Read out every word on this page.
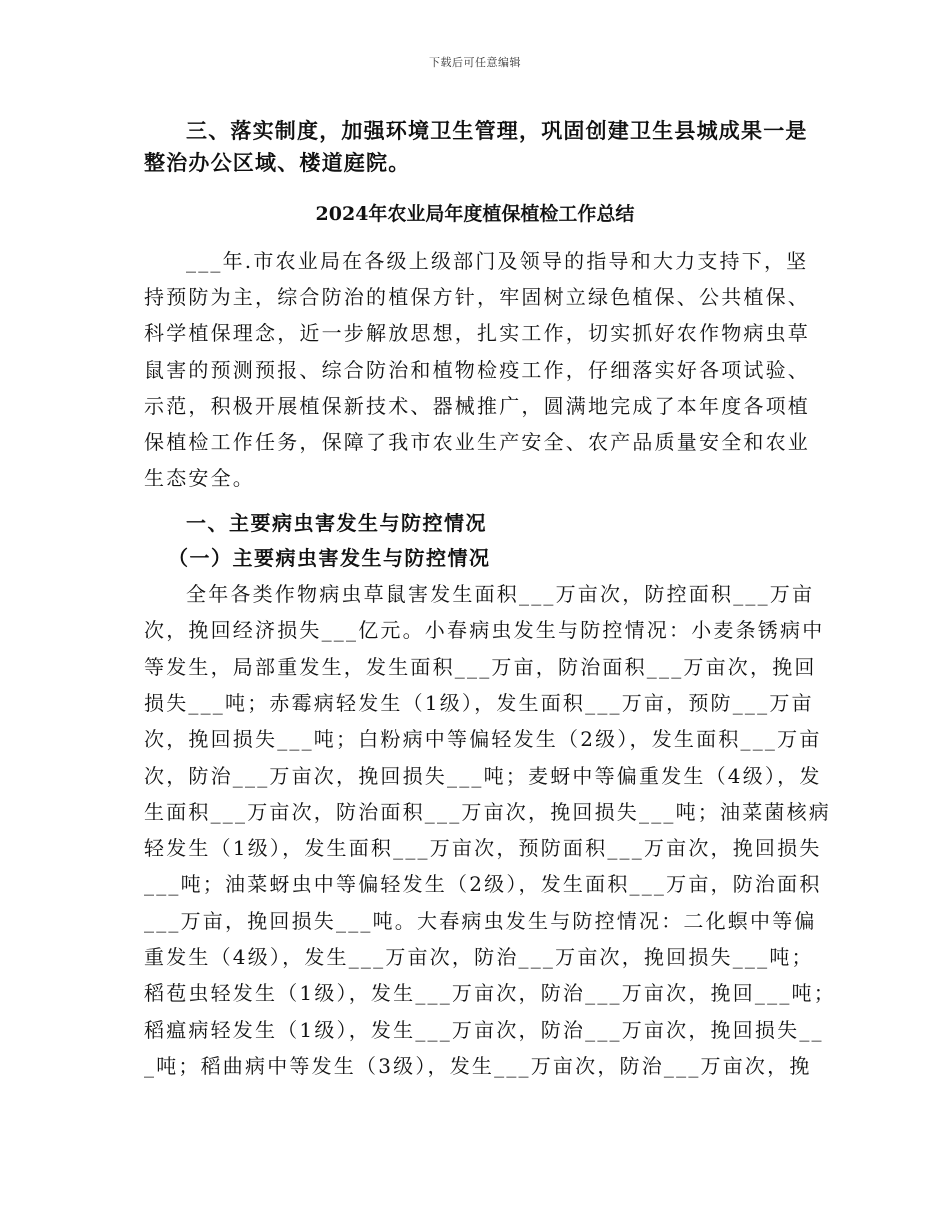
下载后可任意编辑
三、落实制度，加强环境卫生管理，巩固创建卫生县城成果一是
整治办公区域、楼道庭院。
2024年农业局年度植保植检工作总结
___年.市农业局在各级上级部门及领导的指导和大力支持下，坚
持预防为主，综合防治的植保方针，牢固树立绿色植保、公共植保、
科学植保理念，近一步解放思想，扎实工作，切实抓好农作物病虫草
鼠害的预测预报、综合防治和植物检疫工作，仔细落实好各项试验、
示范，积极开展植保新技术、器械推广，圆满地完成了本年度各项植
保植检工作任务，保障了我市农业生产安全、农产品质量安全和农业
生态安全。
一、主要病虫害发生与防控情况
（一）主要病虫害发生与防控情况
全年各类作物病虫草鼠害发生面积___万亩次，防控面积___万亩
次，挽回经济损失___亿元。小春病虫发生与防控情况：小麦条锈病中
等发生，局部重发生，发生面积___万亩，防治面积___万亩次，挽回
损失___吨；赤霉病轻发生（1级），发生面积___万亩，预防___万亩
次，挽回损失___吨；白粉病中等偏轻发生（2级），发生面积___万亩
次，防治___万亩次，挽回损失___吨；麦蚜中等偏重发生（4级），发
生面积___万亩次，防治面积___万亩次，挽回损失___吨；油菜菌核病
轻发生（1级），发生面积___万亩次，预防面积___万亩次，挽回损失
___吨；油菜蚜虫中等偏轻发生（2级），发生面积___万亩，防治面积
___万亩，挽回损失___吨。大春病虫发生与防控情况：二化螟中等偏
重发生（4级），发生___万亩次，防治___万亩次，挽回损失___吨；
稻苞虫轻发生（1级），发生___万亩次，防治___万亩次，挽回___吨；
稻瘟病轻发生（1级），发生___万亩次，防治___万亩次，挽回损失__
_吨；稻曲病中等发生（3级），发生___万亩次，防治___万亩次，挽
